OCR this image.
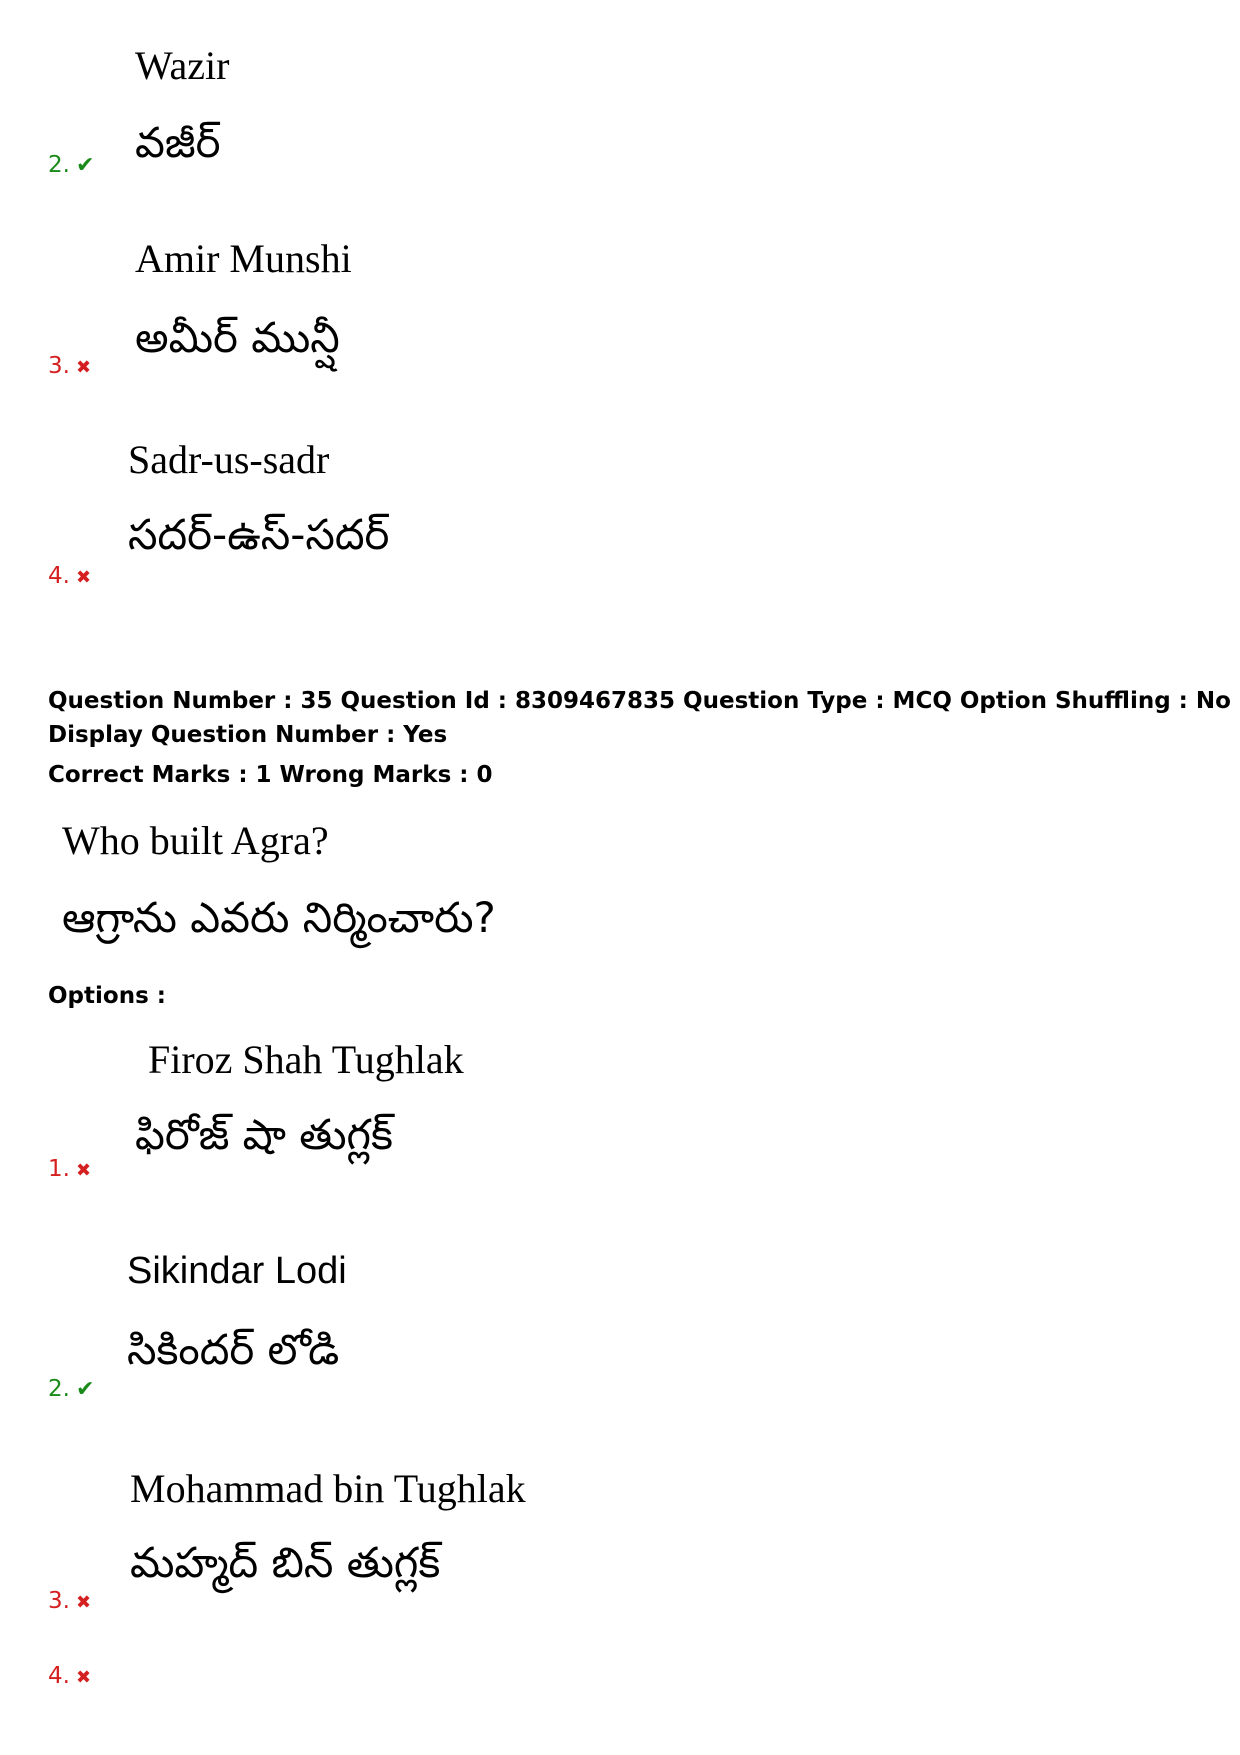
Wazir
వజీర్
2. ✔
Amir Munshi
అమీర్ మున్షీ
3. ✖
Sadr-us-sadr
సదర్-ఉస్-సదర్
4. ✖
Question Number : 35 Question Id : 8309467835 Question Type : MCQ Option Shuffling : No
Display Question Number : Yes
Correct Marks : 1 Wrong Marks : 0
Who built Agra?
ఆగ్రాను ఎవరు నిర్మించారు?
Options :
Firoz Shah Tughlak
ఫిరోజ్ షా తుగ్లక్
1. ✖
Sikindar Lodi
సికిందర్ లోడి
2. ✔
Mohammad bin Tughlak
మహ్మద్ బిన్ తుగ్లక్
3. ✖
4. ✖
